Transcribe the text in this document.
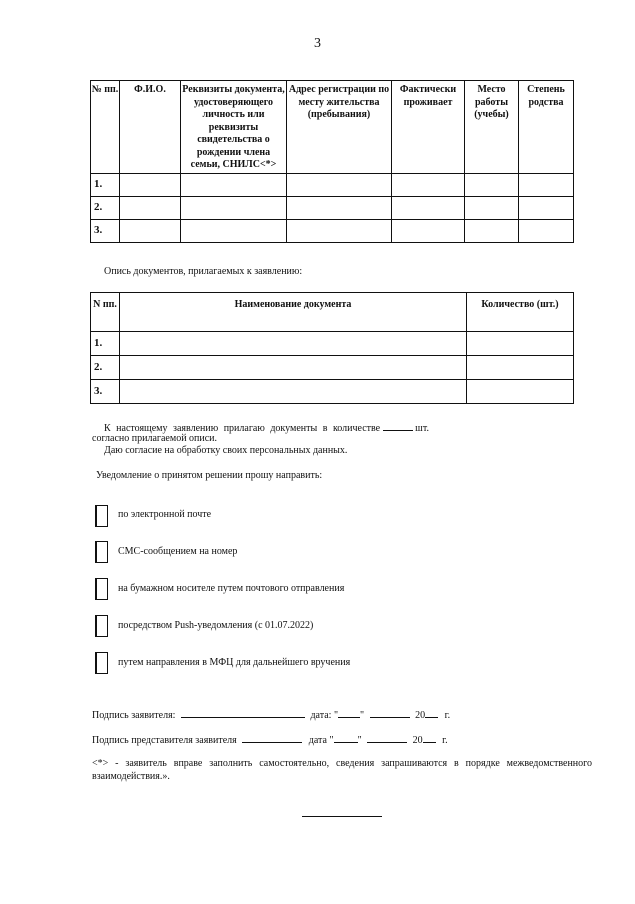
3
№ пп.	Ф.И.О.	Реквизиты документа, удостоверяющего личность или реквизиты свидетельства о рождении члена семьи, СНИЛС<*>	Адрес регистрации по месту жительства (пребывания)	Фактически проживает	Место работы (учебы)	Степень родства
1.						
2.						
3.						
Опись документов, прилагаемых к заявлению:
N пп.	Наименование документа	Количество (шт.)
1.		
2.		
3.		
К настоящему заявлению прилагаю документы в количестве	шт.
согласно прилагаемой описи.
Даю согласие на обработку своих персональных данных.
Уведомление о принятом решении прошу направить:
по электронной почте
СМС-сообщением на номер
на бумажном носителе путем почтового отправления
посредством Push-уведомления (с 01.07.2022)
путем направления в МФЦ для дальнейшего вручения
Подпись заявителя:	дата: " "	20 г.
Подпись представителя заявителя	дата " "	20 г.
<*> - заявитель вправе заполнить самостоятельно, сведения запрашиваются в порядке межведомственного взаимодействия.».
